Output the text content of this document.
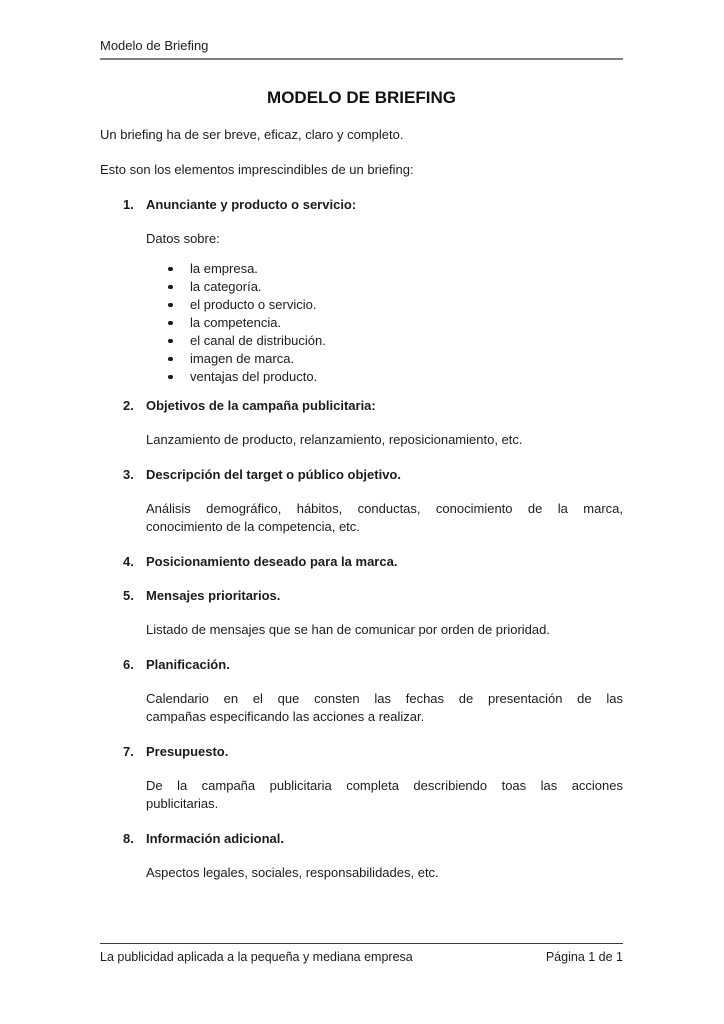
Modelo de Briefing
MODELO DE BRIEFING

Un briefing ha de ser breve, eficaz, claro y completo.

Esto son los elementos imprescindibles de un briefing:

1. Anunciante y producto o servicio:

Datos sobre:

la empresa.
la categoría.
el producto o servicio.
la competencia.
el canal de distribución.
imagen de marca.
ventajas del producto.
2. Objetivos de la campaña publicitaria:

Lanzamiento de producto, relanzamiento, reposicionamiento, etc.

3. Descripción del target o público objetivo.

Análisis demográfico, hábitos, conductas, conocimiento de la marca,
conocimiento de la competencia, etc.

4. Posicionamiento deseado para la marca.

5. Mensajes prioritarios.

Listado de mensajes que se han de comunicar por orden de prioridad.

6. Planificación.

Calendario en el que consten las fechas de presentación de las
campañas especificando las acciones a realizar.

7. Presupuesto.

De la campaña publicitaria completa describiendo toas las acciones
publicitarias.

8. Información adicional.

Aspectos legales, sociales, responsabilidades, etc.

La publicidad aplicada a la pequeña y mediana empresa	Página 1 de 1
